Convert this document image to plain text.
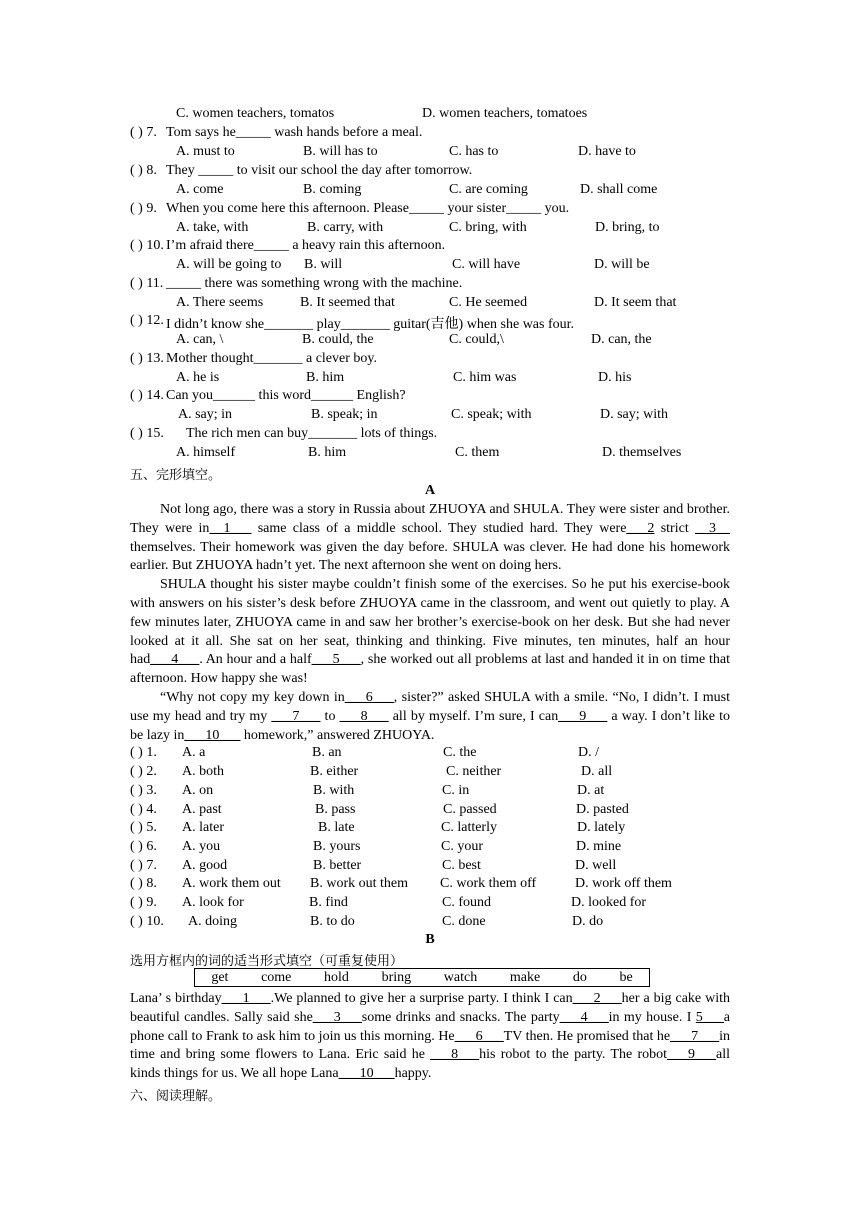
C. women teachers, tomatos	D. women teachers, tomatoes
( ) 7. Tom says he_____ wash hands before a meal.
A. must to	B. will has to	C. has to	D. have to
( ) 8. They _____ to visit our school the day after tomorrow.
A. come	B. coming	C. are coming	D. shall come
( ) 9. When you come here this afternoon. Please_____ your sister_____ you.
A. take, with	B. carry, with	C. bring, with	D. bring, to
( ) 10. I’m afraid there_____ a heavy rain this afternoon.
A. will be going to B. will	C. will have	D. will be
( ) 11. _____ there was something wrong with the machine.
A. There seems	B. It seemed that	C. He seemed	D. It seem that
( ) 12. I didn’t know she_______ play_______ guitar(吉他) when she was four.
A. can, \	B. could, the	C. could,\	D. can, the
( ) 13. Mother thought_______ a clever boy.
A. he is	B. him	C. him was	D. his
( ) 14. Can you______ this word______ English?
A. say; in	B. speak; in	C. speak; with	D. say; with
( ) 15. The rich men can buy_______ lots of things.
A. himself	B. him	C. them	D. themselves
五、完形填空。
A
Not long ago, there was a story in Russia about ZHUOYA and SHULA. They were sister and brother. They were in__1___ same class of a middle school. They studied hard. They were___2 strict __3__ themselves. Their homework was given the day before. SHULA was clever. He had done his homework earlier. But ZHUOYA hadn’t yet. The next afternoon she went on doing hers.
SHULA thought his sister maybe couldn’t finish some of the exercises. So he put his exercise-book with answers on his sister’s desk before ZHUOYA came in the classroom, and went out quietly to play. A few minutes later, ZHUOYA came in and saw her brother’s exercise-book on her desk. But she had never looked at it all. She sat on her seat, thinking and thinking. Five minutes, ten minutes, half an hour had___4___. An hour and a half___5___, she worked out all problems at last and handed it in on time that afternoon. How happy she was!
“Why not copy my key down in___6___, sister?” asked SHULA with a smile. “No, I didn’t. I must use my head and try my ___7___ to ___8___ all by myself. I’m sure, I can___9___ a way. I don’t like to be lazy in___10___ homework,” answered ZHUOYA.
( ) 1. A. a	B. an	C. the	D. /
( ) 2. A. both	B. either	C. neither	D. all
( ) 3. A. on	B. with	C. in	D. at
( ) 4. A. past	B. pass	C. passed	D. pasted
( ) 5. A. later	B. late	C. latterly	D. lately
( ) 6. A. you	B. yours	C. your	D. mine
( ) 7. A. good	B. better	C. best	D. well
( ) 8. A. work them out B. work out them C. work them off	D. work off them
( ) 9. A. look for	B. find	C. found	D. looked for
( ) 10. A. doing	B. to do	C. done	D. do
B
选用方框内的词的适当形式填空（可重复使用）
get come hold bring watch make do be
Lana’ s birthday___1___.We planned to give her a surprise party. I think I can___2___her a big cake with beautiful candles. Sally said she___3___some drinks and snacks. The party___4___in my house. I 5___a phone call to Frank to ask him to join us this morning. He___6___TV then. He promised that he___7___in time and bring some flowers to Lana. Eric said he ___8___his robot to the party. The robot___9___all kinds things for us. We all hope Lana___10___happy.
六、阅读理解。
